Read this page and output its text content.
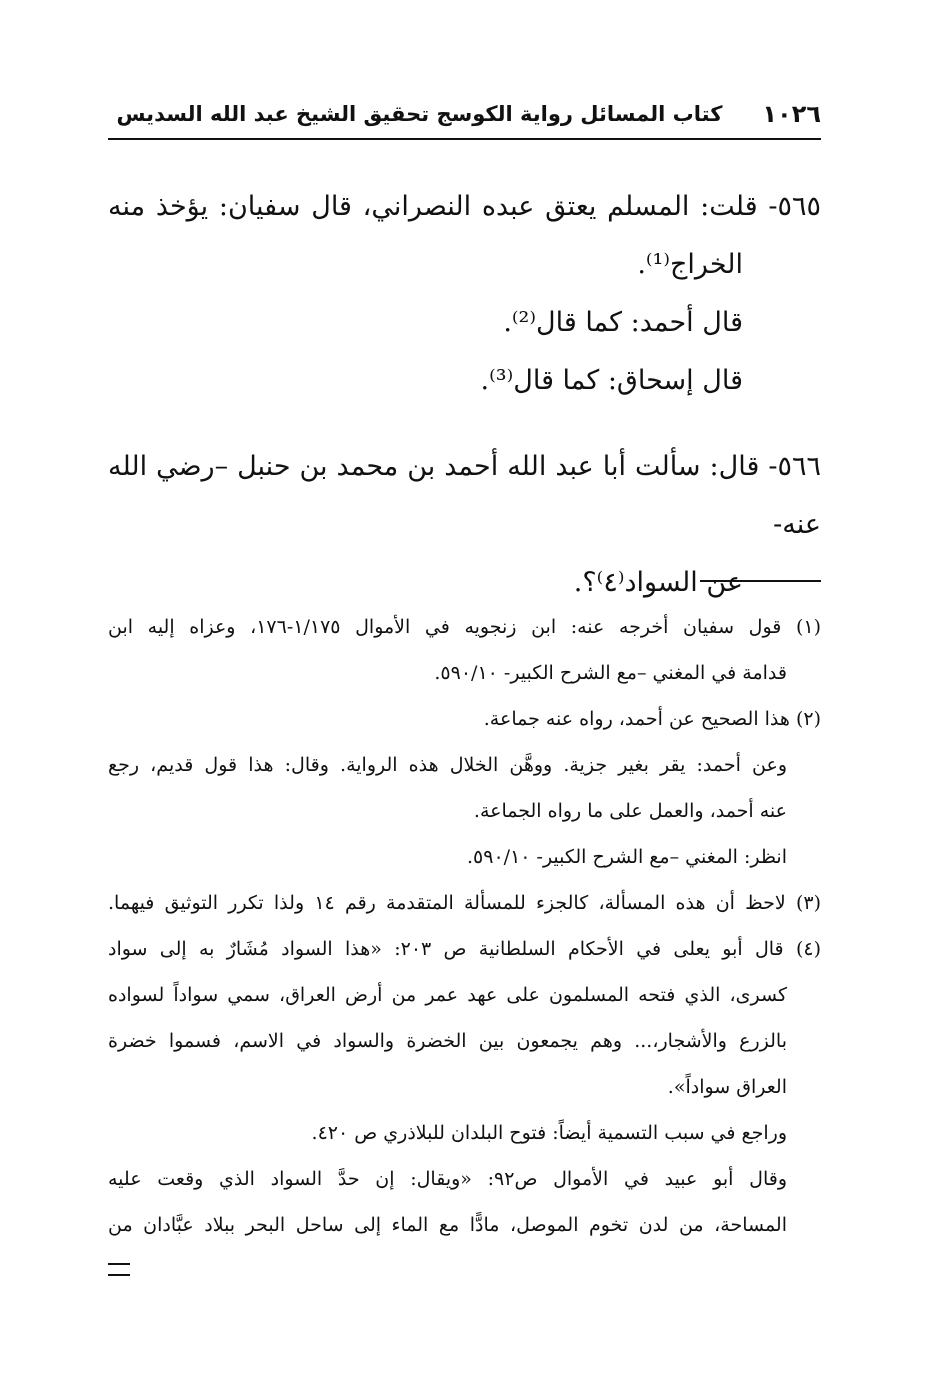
١٠٢٦
كتاب المسائل رواية الكوسج تحقيق الشيخ عبد الله السديس
٥٦٥- قلت: المسلم يعتق عبده النصراني، قال سفيان: يؤخذ منه
الخراج⁽¹⁾.
قال أحمد: كما قال⁽²⁾.
قال إسحاق: كما قال⁽³⁾.
٥٦٦- قال: سألت أبا عبد الله أحمد بن محمد بن حنبل –رضي الله عنه-
عن السواد⁽٤⁾؟.
(١) قول سفيان أخرجه عنه: ابن زنجويه في الأموال ١/١٧٥-١٧٦، وعزاه إليه ابن
قدامة في المغني –مع الشرح الكبير- ٥٩٠/١٠.
(٢) هذا الصحيح عن أحمد، رواه عنه جماعة.
وعن أحمد: يقر بغير جزية. ووهَّن الخلال هذه الرواية. وقال: هذا قول قديم، رجع
عنه أحمد، والعمل على ما رواه الجماعة.
انظر: المغني –مع الشرح الكبير- ٥٩٠/١٠.
(٣) لاحظ أن هذه المسألة، كالجزء للمسألة المتقدمة رقم ١٤ ولذا تكرر التوثيق فيهما.
(٤) قال أبو يعلى في الأحكام السلطانية ص ٢٠٣: «هذا السواد مُشَارٌ به إلى سواد
كسرى، الذي فتحه المسلمون على عهد عمر من أرض العراق، سمي سواداً لسواده
بالزرع والأشجار،... وهم يجمعون بين الخضرة والسواد في الاسم، فسموا خضرة
العراق سواداً».
وراجع في سبب التسمية أيضاً: فتوح البلدان للبلاذري ص ٤٢٠.
وقال أبو عبيد في الأموال ص٩٢: «ويقال: إن حدَّ السواد الذي وقعت عليه
المساحة، من لدن تخوم الموصل، مادًّا مع الماء إلى ساحل البحر ببلاد عبَّادان من
